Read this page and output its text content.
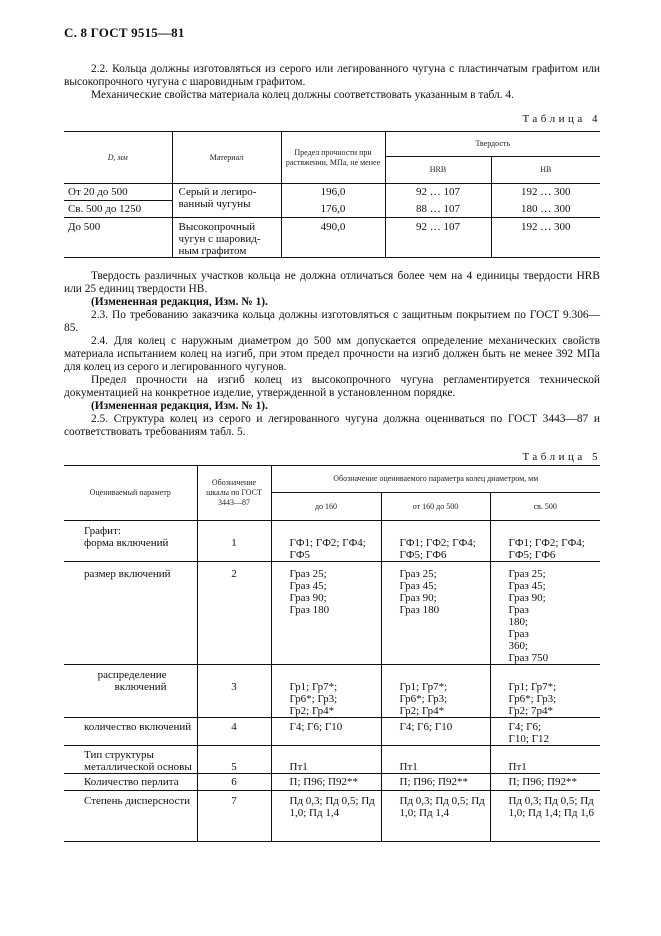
С. 8 ГОСТ 9515—81

2.2. Кольца должны изготовляться из серого или легированного чугуна с пластинчатым графитом или высокопрочного чугуна с шаровидным графитом.

Механические свойства материала колец должны соответствовать указанным в табл. 4.

Таблица 4
D, мм	Материал	Предел прочности при растяжении, МПа, не менее	Твердость	
			HRB	HB
От 20 до 500	Серый и легиро-ванный чугуны	196,0	92 … 107	192 … 300
Св. 500 до 1250		176,0	88 … 107	180 … 300
До 500	Высокопрочный чугун с шаровид-ным графитом	490,0	92 … 107	192 … 300

Твердость различных участков кольца не должна отличаться более чем на 4 единицы твердости HRB или 25 единиц твердости HB.

(Измененная редакция, Изм. № 1).

2.3. По требованию заказчика кольца должны изготовляться с защитным покрытием по ГОСТ 9.306—85.

2.4. Для колец с наружным диаметром до 500 мм допускается определение механических свойств материала испытанием колец на изгиб, при этом предел прочности на изгиб должен быть не менее 392 МПа для колец из серого и легированного чугунов.

Предел прочности на изгиб колец из высокопрочного чугуна регламентируется технической документацией на конкретное изделие, утвержденной в установленном порядке.

(Измененная редакция, Изм. № 1).

2.5. Структура колец из серого и легированного чугуна должна оцениваться по ГОСТ 3443—87 и соответствовать требованиям табл. 5.

Таблица 5
Оцениваемый параметр	Обозначение шкалы по ГОСТ 3443—87	Обозначение оцениваемого параметра колец диаметром, мм		
		до 160	от 160 до 500	св. 500

Графит:
форма включений	1	ГФ1; ГФ2; ГФ4; ГФ5	ГФ1; ГФ2; ГФ4; ГФ5; ГФ6	ГФ1; ГФ2; ГФ4; ГФ5; ГФ6
размер включений	2	Граз 25; Граз 45; Граз 90; Граз 180	Граз 25; Граз 45; Граз 90; Граз 180	Граз 25; Граз 45; Граз 90; Граз 180; Граз 360; Граз 750
распределение включений	3	Гр1; Гр7*; Гр6*; Гр3; Гр2; Гр4*	Гр1; Гр7*; Гр6*; Гр3; Гр2; Гр4*	Гр1; Гр7*; Гр6*; Гр3; Гр2; 7р4*
количество включений	4	Г4; Г6; Г10	Г4; Г6; Г10	Г4; Г6; Г10; Г12
Тип структуры металлической основы	5	Пт1	Пт1	Пт1
Количество перлита	6	П; П96; П92**	П; П96; П92**	П; П96; П92**
Степень дисперсности	7	Пд 0,3; Пд 0,5; Пд 1,0; Пд 1,4	Пд 0,3; Пд 0,5; Пд 1,0; Пд 1,4	Пд 0,3; Пд 0,5; Пд 1,0; Пд 1,4; Пд 1,6
